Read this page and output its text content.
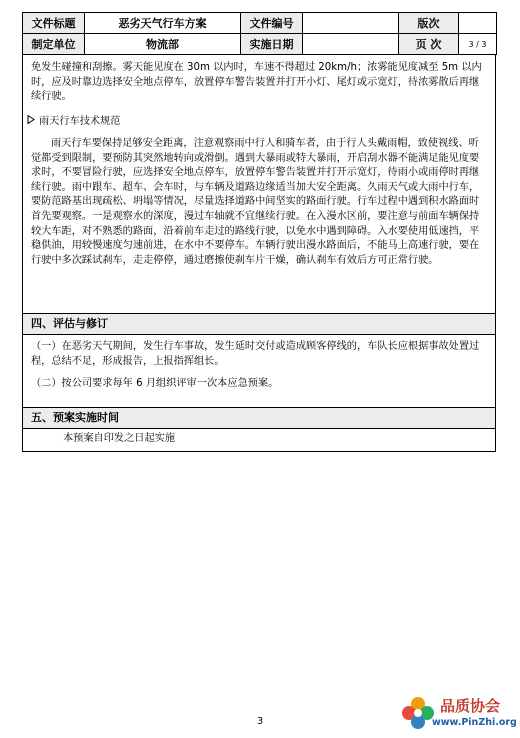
文件标题	恶劣天气行车方案	文件编号		版次	
制定单位	物流部	实施日期		页 次	3 / 3
免发生碰撞和刮擦。雾天能见度在 30m 以内时，车速不得超过 20km/h；浓雾能见度减至 5m 以内时，应及时靠边选择安全地点停车，放置停车警告装置并打开小灯、尾灯或示宽灯，待浓雾散后再继续行驶。
雨天行车技术规范
雨天行车要保持足够安全距离，注意观察雨中行人和骑车者，由于行人头戴雨帽，致使视线、听觉都受到限制，要预防其突然地转向或滑倒。遇到大暴雨或特大暴雨，开启刮水器不能满足能见度要求时，不要冒险行驶，应选择安全地点停车，放置停车警告装置并打开示宽灯，待雨小或雨停时再继续行驶。雨中跟车、超车、会车时，与车辆及道路边缘适当加大安全距离。久雨天气或大雨中行车，要防范路基出现疏松、坍塌等情况，尽量选择道路中间坚实的路面行驶。行车过程中遇到积水路面时首先要观察。一是观察水的深度，漫过车轴就不宜继续行驶。在入漫水区前，要注意与前面车辆保持较大车距，对不熟悉的路面，沿着前车走过的路线行驶，以免水中遇到障碍。入水要使用低速挡，平稳供油，用较慢速度匀速前进，在水中不要停车。车辆行驶出漫水路面后，不能马上高速行驶，要在行驶中多次踩试刹车，走走停停，通过磨擦使刹车片干燥，确认刹车有效后方可正常行驶。
四、评估与修订
（一）在恶劣天气期间，发生行车事故，发生延时交付或造成顾客停线的，车队长应根据事故处置过程，总结不足，形成报告，上报指挥组长。
（二）按公司要求每年 6 月组织评审一次本应急预案。
五、预案实施时间
本预案自印发之日起实施
3
品质协会
www.PinZhi.org
